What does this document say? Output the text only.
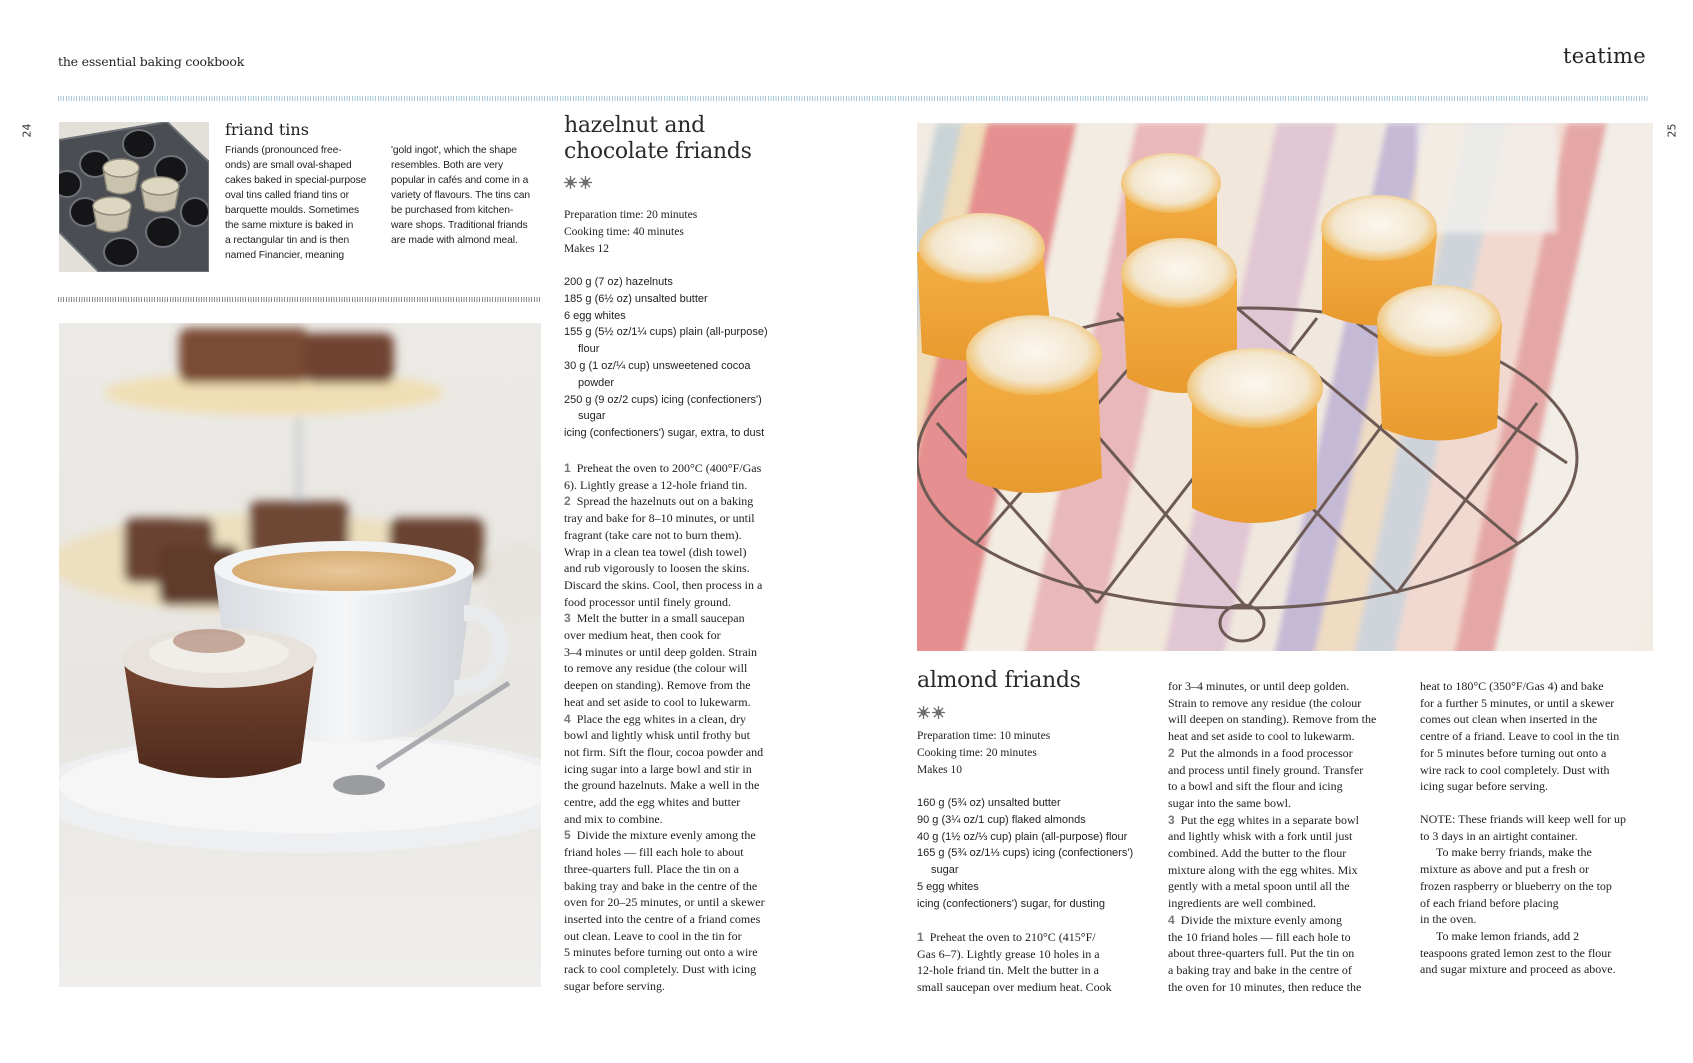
the essential baking cookbook	teatime
24	25
friand tins
Friands (pronounced free-
onds) are small oval-shaped
cakes baked in special-purpose
oval tins called friand tins or
barquette moulds. Sometimes
the same mixture is baked in
a rectangular tin and is then
named Financier, meaning
'gold ingot', which the shape
resembles. Both are very
popular in cafés and come in a
variety of flavours. The tins can
be purchased from kitchen-
ware shops. Traditional friands
are made with almond meal.
hazelnut and
chocolate friands
Preparation time: 20 minutes
Cooking time: 40 minutes
Makes 12
200 g (7 oz) hazelnuts
185 g (6½ oz) unsalted butter
6 egg whites
155 g (5½ oz/1¼ cups) plain (all-purpose)
flour
30 g (1 oz/¼ cup) unsweetened cocoa
powder
250 g (9 oz/2 cups) icing (confectioners')
sugar
icing (confectioners') sugar, extra, to dust
1 Preheat the oven to 200°C (400°F/Gas
6). Lightly grease a 12-hole friand tin.
2 Spread the hazelnuts out on a baking
tray and bake for 8–10 minutes, or until
fragrant (take care not to burn them).
Wrap in a clean tea towel (dish towel)
and rub vigorously to loosen the skins.
Discard the skins. Cool, then process in a
food processor until finely ground.
3 Melt the butter in a small saucepan
over medium heat, then cook for
3–4 minutes or until deep golden. Strain
to remove any residue (the colour will
deepen on standing). Remove from the
heat and set aside to cool to lukewarm.
4 Place the egg whites in a clean, dry
bowl and lightly whisk until frothy but
not firm. Sift the flour, cocoa powder and
icing sugar into a large bowl and stir in
the ground hazelnuts. Make a well in the
centre, add the egg whites and butter
and mix to combine.
5 Divide the mixture evenly among the
friand holes — fill each hole to about
three-quarters full. Place the tin on a
baking tray and bake in the centre of the
oven for 20–25 minutes, or until a skewer
inserted into the centre of a friand comes
out clean. Leave to cool in the tin for
5 minutes before turning out onto a wire
rack to cool completely. Dust with icing
sugar before serving.
almond friands
Preparation time: 10 minutes
Cooking time: 20 minutes
Makes 10
160 g (5¾ oz) unsalted butter
90 g (3¼ oz/1 cup) flaked almonds
40 g (1½ oz/⅓ cup) plain (all-purpose) flour
165 g (5¾ oz/1⅓ cups) icing (confectioners')
sugar
5 egg whites
icing (confectioners') sugar, for dusting
1 Preheat the oven to 210°C (415°F/
Gas 6–7). Lightly grease 10 holes in a
12-hole friand tin. Melt the butter in a
small saucepan over medium heat. Cook
for 3–4 minutes, or until deep golden.
Strain to remove any residue (the colour
will deepen on standing). Remove from the
heat and set aside to cool to lukewarm.
2 Put the almonds in a food processor
and process until finely ground. Transfer
to a bowl and sift the flour and icing
sugar into the same bowl.
3 Put the egg whites in a separate bowl
and lightly whisk with a fork until just
combined. Add the butter to the flour
mixture along with the egg whites. Mix
gently with a metal spoon until all the
ingredients are well combined.
4 Divide the mixture evenly among
the 10 friand holes — fill each hole to
about three-quarters full. Put the tin on
a baking tray and bake in the centre of
the oven for 10 minutes, then reduce the
heat to 180°C (350°F/Gas 4) and bake
for a further 5 minutes, or until a skewer
comes out clean when inserted in the
centre of a friand. Leave to cool in the tin
for 5 minutes before turning out onto a
wire rack to cool completely. Dust with
icing sugar before serving.
NOTE: These friands will keep well for up
to 3 days in an airtight container.
To make berry friands, make the
mixture as above and put a fresh or
frozen raspberry or blueberry on the top
of each friand before placing
in the oven.
To make lemon friands, add 2
teaspoons grated lemon zest to the flour
and sugar mixture and proceed as above.
